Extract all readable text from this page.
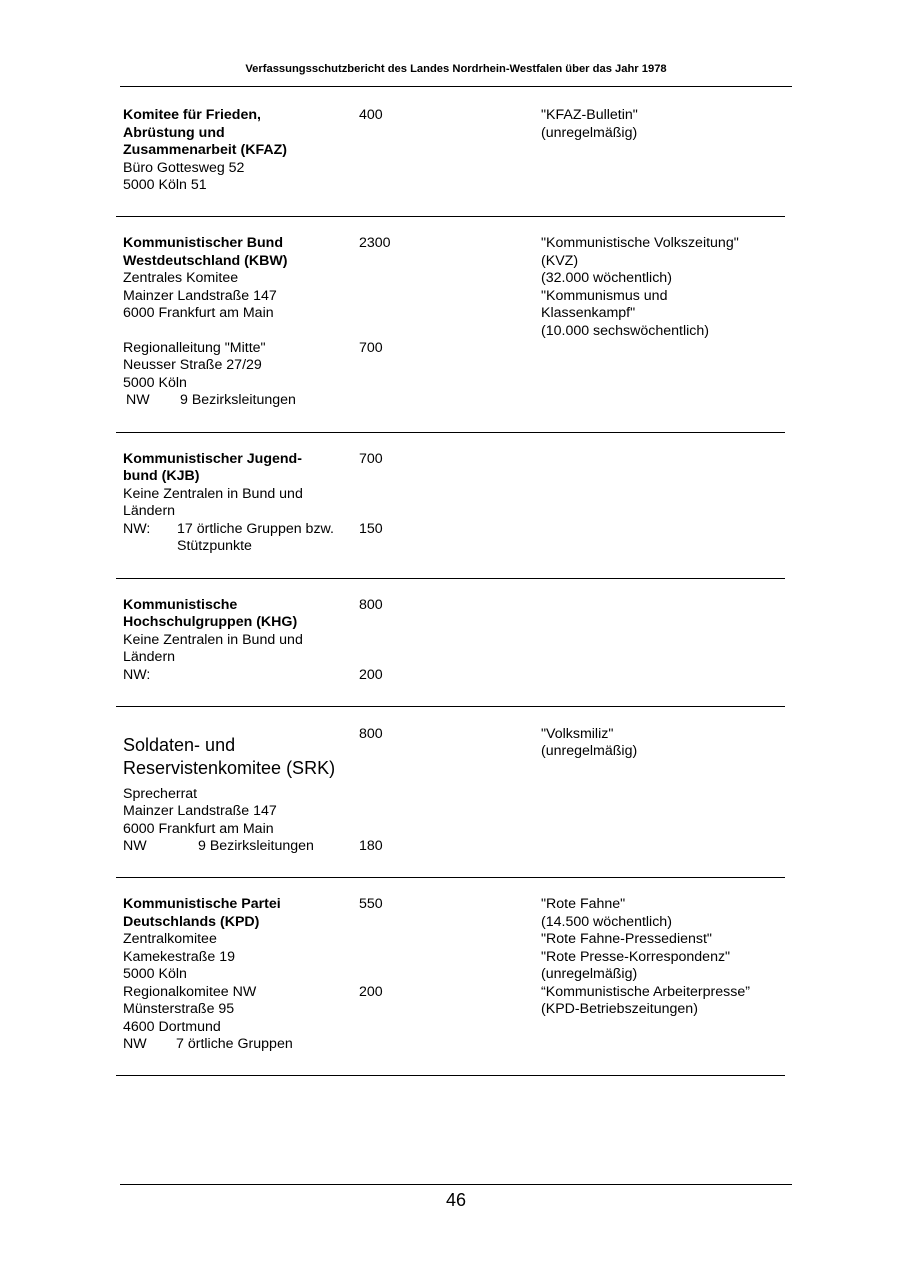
Verfassungsschutzbericht des Landes Nordrhein-Westfalen über das Jahr 1978
Komitee für Frieden,
Abrüstung und
Zusammenarbeit (KFAZ)
Büro Gottesweg 52
5000 Köln 51
400	"KFAZ-Bulletin"
(unregelmäßig)
Kommunistischer Bund
Westdeutschland (KBW)
Zentrales Komitee
Mainzer Landstraße 147
6000 Frankfurt am Main
Regionalleitung "Mitte"
Neusser Straße 27/29
5000 Köln
NW 9 Bezirksleitungen
2300
700
"Kommunistische Volkszeitung"
(KVZ)
(32.000 wöchentlich)
"Kommunismus und
Klassenkampf"
(10.000 sechswöchentlich)
Kommunistischer Jugend-
bund (KJB)
Keine Zentralen in Bund und
Ländern
NW: 17 örtliche Gruppen bzw.
Stützpunkte
700
150
Kommunistische
Hochschulgruppen (KHG)
Keine Zentralen in Bund und
Ländern
NW:
800
200
Soldaten- und
Reservistenkomitee (SRK)
Sprecherrat
Mainzer Landstraße 147
6000 Frankfurt am Main
NW	9 Bezirksleitungen
800
180
"Volksmiliz"
(unregelmäßig)
Kommunistische Partei
Deutschlands (KPD)
Zentralkomitee
Kamekestraße 19
5000 Köln
Regionalkomitee NW
Münsterstraße 95
4600 Dortmund
NW 7 örtliche Gruppen
550
200
"Rote Fahne"
(14.500 wöchentlich)
"Rote Fahne-Pressedienst"
"Rote Presse-Korrespondenz"
(unregelmäßig)
“Kommunistische Arbeiterpresse”
(KPD-Betriebszeitungen)
46
